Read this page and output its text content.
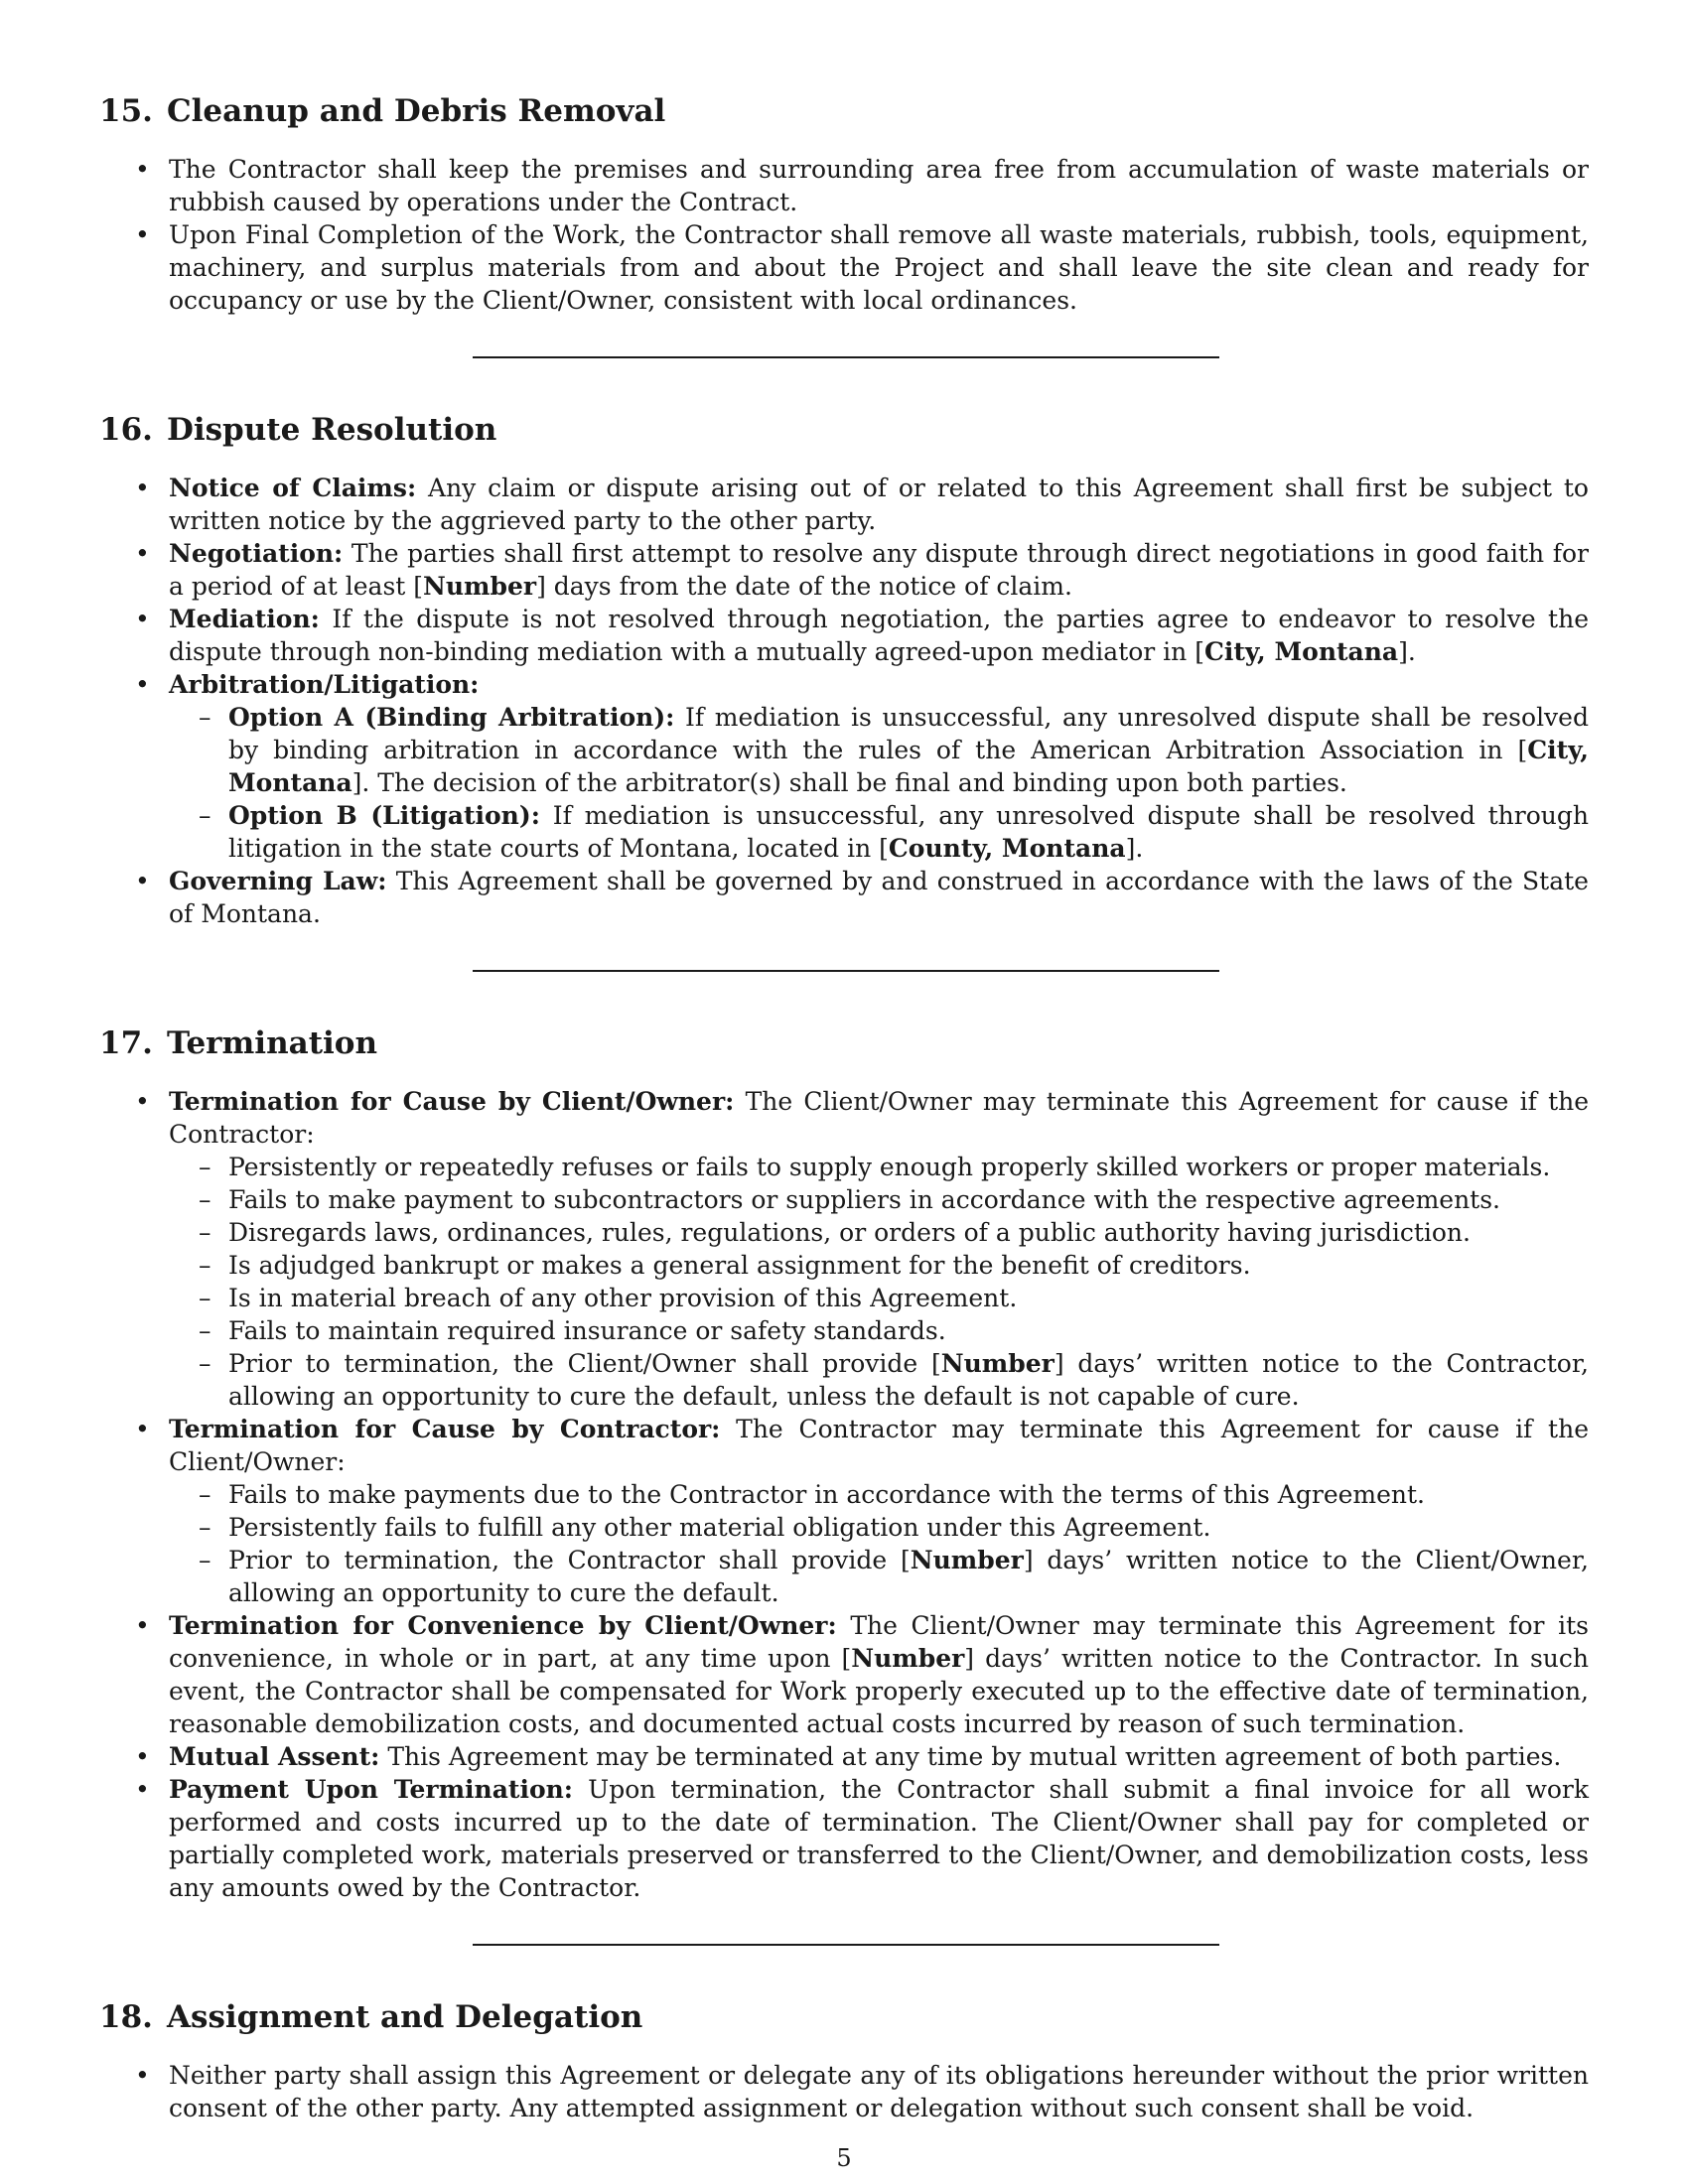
15. Cleanup and Debris Removal
• The Contractor shall keep the premises and surrounding area free from accumulation of waste materials or rubbish caused by operations under the Contract.
• Upon Final Completion of the Work, the Contractor shall remove all waste materials, rubbish, tools, equipment, machinery, and surplus materials from and about the Project and shall leave the site clean and ready for occupancy or use by the Client/Owner, consistent with local ordinances.
16. Dispute Resolution
• Notice of Claims: Any claim or dispute arising out of or related to this Agreement shall first be subject to written notice by the aggrieved party to the other party.
• Negotiation: The parties shall first attempt to resolve any dispute through direct negotiations in good faith for a period of at least [Number] days from the date of the notice of claim.
• Mediation: If the dispute is not resolved through negotiation, the parties agree to endeavor to resolve the dispute through non-binding mediation with a mutually agreed-upon mediator in [City, Montana].
• Arbitration/Litigation:
– Option A (Binding Arbitration): If mediation is unsuccessful, any unresolved dispute shall be resolved by binding arbitration in accordance with the rules of the American Arbitration Association in [City, Montana]. The decision of the arbitrator(s) shall be final and binding upon both parties.
– Option B (Litigation): If mediation is unsuccessful, any unresolved dispute shall be resolved through litigation in the state courts of Montana, located in [County, Montana].
• Governing Law: This Agreement shall be governed by and construed in accordance with the laws of the State of Montana.
17. Termination
• Termination for Cause by Client/Owner: The Client/Owner may terminate this Agreement for cause if the Contractor:
– Persistently or repeatedly refuses or fails to supply enough properly skilled workers or proper materials.
– Fails to make payment to subcontractors or suppliers in accordance with the respective agreements.
– Disregards laws, ordinances, rules, regulations, or orders of a public authority having jurisdiction.
– Is adjudged bankrupt or makes a general assignment for the benefit of creditors.
– Is in material breach of any other provision of this Agreement.
– Fails to maintain required insurance or safety standards.
– Prior to termination, the Client/Owner shall provide [Number] days’ written notice to the Contractor, allowing an opportunity to cure the default, unless the default is not capable of cure.
• Termination for Cause by Contractor: The Contractor may terminate this Agreement for cause if the Client/Owner:
– Fails to make payments due to the Contractor in accordance with the terms of this Agreement.
– Persistently fails to fulfill any other material obligation under this Agreement.
– Prior to termination, the Contractor shall provide [Number] days’ written notice to the Client/Owner, allowing an opportunity to cure the default.
• Termination for Convenience by Client/Owner: The Client/Owner may terminate this Agreement for its convenience, in whole or in part, at any time upon [Number] days’ written notice to the Contractor. In such event, the Contractor shall be compensated for Work properly executed up to the effective date of termination, reasonable demobilization costs, and documented actual costs incurred by reason of such termination.
• Mutual Assent: This Agreement may be terminated at any time by mutual written agreement of both parties.
• Payment Upon Termination: Upon termination, the Contractor shall submit a final invoice for all work performed and costs incurred up to the date of termination. The Client/Owner shall pay for completed or partially completed work, materials preserved or transferred to the Client/Owner, and demobilization costs, less any amounts owed by the Contractor.
18. Assignment and Delegation
• Neither party shall assign this Agreement or delegate any of its obligations hereunder without the prior written consent of the other party. Any attempted assignment or delegation without such consent shall be void.
5
